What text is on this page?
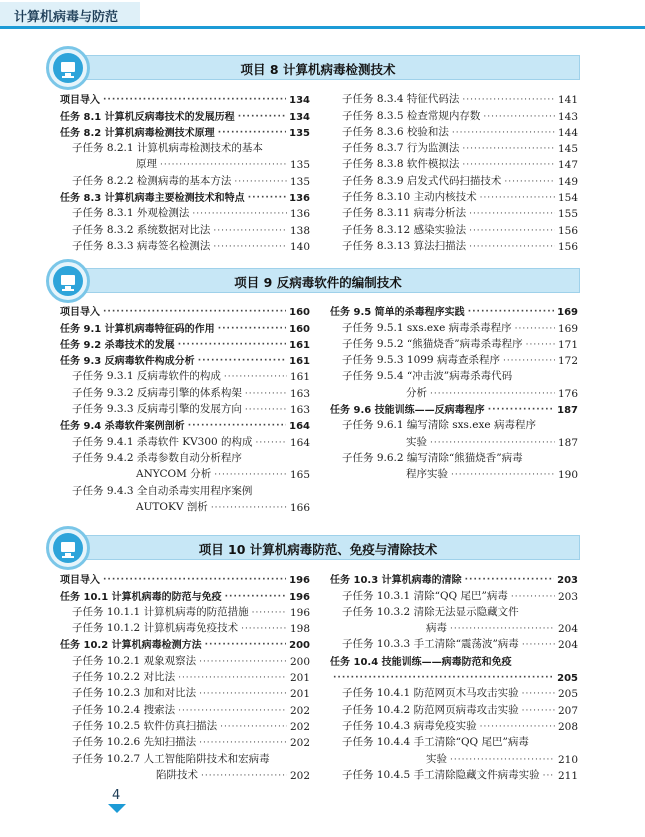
计算机病毒与防范
项目 8 计算机病毒检测技术
项目导入 ·····	134
任务 8.1 计算机反病毒技术的发展历程 ·····	134
任务 8.2 计算机病毒检测技术原理 ·····	135
子任务 8.2.1 计算机病毒检测技术的基本
原理 ·····	135
子任务 8.2.2 检测病毒的基本方法 ·····	135
任务 8.3 计算机病毒主要检测技术和特点 ·····	136
子任务 8.3.1 外观检测法 ·····	136
子任务 8.3.2 系统数据对比法 ·····	138
子任务 8.3.3 病毒签名检测法 ·····	140
子任务 8.3.4 特征代码法 ·····	141
子任务 8.3.5 检查常规内存数 ·····	143
子任务 8.3.6 校验和法 ·····	144
子任务 8.3.7 行为监测法 ·····	145
子任务 8.3.8 软件模拟法 ·····	147
子任务 8.3.9 启发式代码扫描技术 ·····	149
子任务 8.3.10 主动内核技术 ·····	154
子任务 8.3.11 病毒分析法 ·····	155
子任务 8.3.12 感染实验法 ·····	156
子任务 8.3.13 算法扫描法 ·····	156
项目 9 反病毒软件的编制技术
项目导入 ·····	160
任务 9.1 计算机病毒特征码的作用 ·····	160
任务 9.2 杀毒技术的发展 ·····	161
任务 9.3 反病毒软件构成分析 ·····	161
子任务 9.3.1 反病毒软件的构成 ·····	161
子任务 9.3.2 反病毒引擎的体系构架 ·····	163
子任务 9.3.3 反病毒引擎的发展方向 ·····	163
任务 9.4 杀毒软件案例剖析 ·····	164
子任务 9.4.1 杀毒软件 KV300 的构成 ·····	164
子任务 9.4.2 杀毒参数自动分析程序
ANYCOM 分析 ·····	165
子任务 9.4.3 全自动杀毒实用程序案例
AUTOKV 剖析 ·····	166
任务 9.5 简单的杀毒程序实践 ·····	169
子任务 9.5.1 sxs.exe 病毒杀毒程序 ·····	169
子任务 9.5.2 “熊猫烧香”病毒杀毒程序 ·····	171
子任务 9.5.3 1099 病毒查杀程序 ·····	172
子任务 9.5.4 “冲击波”病毒杀毒代码
分析 ·····	176
任务 9.6 技能训练——反病毒程序 ·····	187
子任务 9.6.1 编写清除 sxs.exe 病毒程序
实验 ·····	187
子任务 9.6.2 编写清除“熊猫烧香”病毒
程序实验 ·····	190
项目 10 计算机病毒防范、免疫与清除技术
项目导入 ·····	196
任务 10.1 计算机病毒的防范与免疫 ·····	196
子任务 10.1.1 计算机病毒的防范措施 ·····	196
子任务 10.1.2 计算机病毒免疫技术 ·····	198
任务 10.2 计算机病毒检测方法 ·····	200
子任务 10.2.1 观象观察法 ·····	200
子任务 10.2.2 对比法 ·····	201
子任务 10.2.3 加和对比法 ·····	201
子任务 10.2.4 搜索法 ·····	202
子任务 10.2.5 软件仿真扫描法 ·····	202
子任务 10.2.6 先知扫描法 ·····	202
子任务 10.2.7 人工智能陷阱技术和宏病毒
陷阱技术 ·····	202
任务 10.3 计算机病毒的清除 ·····	203
子任务 10.3.1 清除“QQ 尾巴”病毒 ·····	203
子任务 10.3.2 清除无法显示隐藏文件
病毒 ·····	204
子任务 10.3.3 手工清除“震荡波”病毒 ·····	204
任务 10.4 技能训练——病毒防范和免疫
·····
205
子任务 10.4.1 防范网页木马攻击实验 ·····	205
子任务 10.4.2 防范网页病毒攻击实验 ·····	207
子任务 10.4.3 病毒免疫实验 ·····	208
子任务 10.4.4 手工清除“QQ 尾巴”病毒
实验 ·····	210
子任务 10.4.5 手工清除隐藏文件病毒实验 ····· 211
4
